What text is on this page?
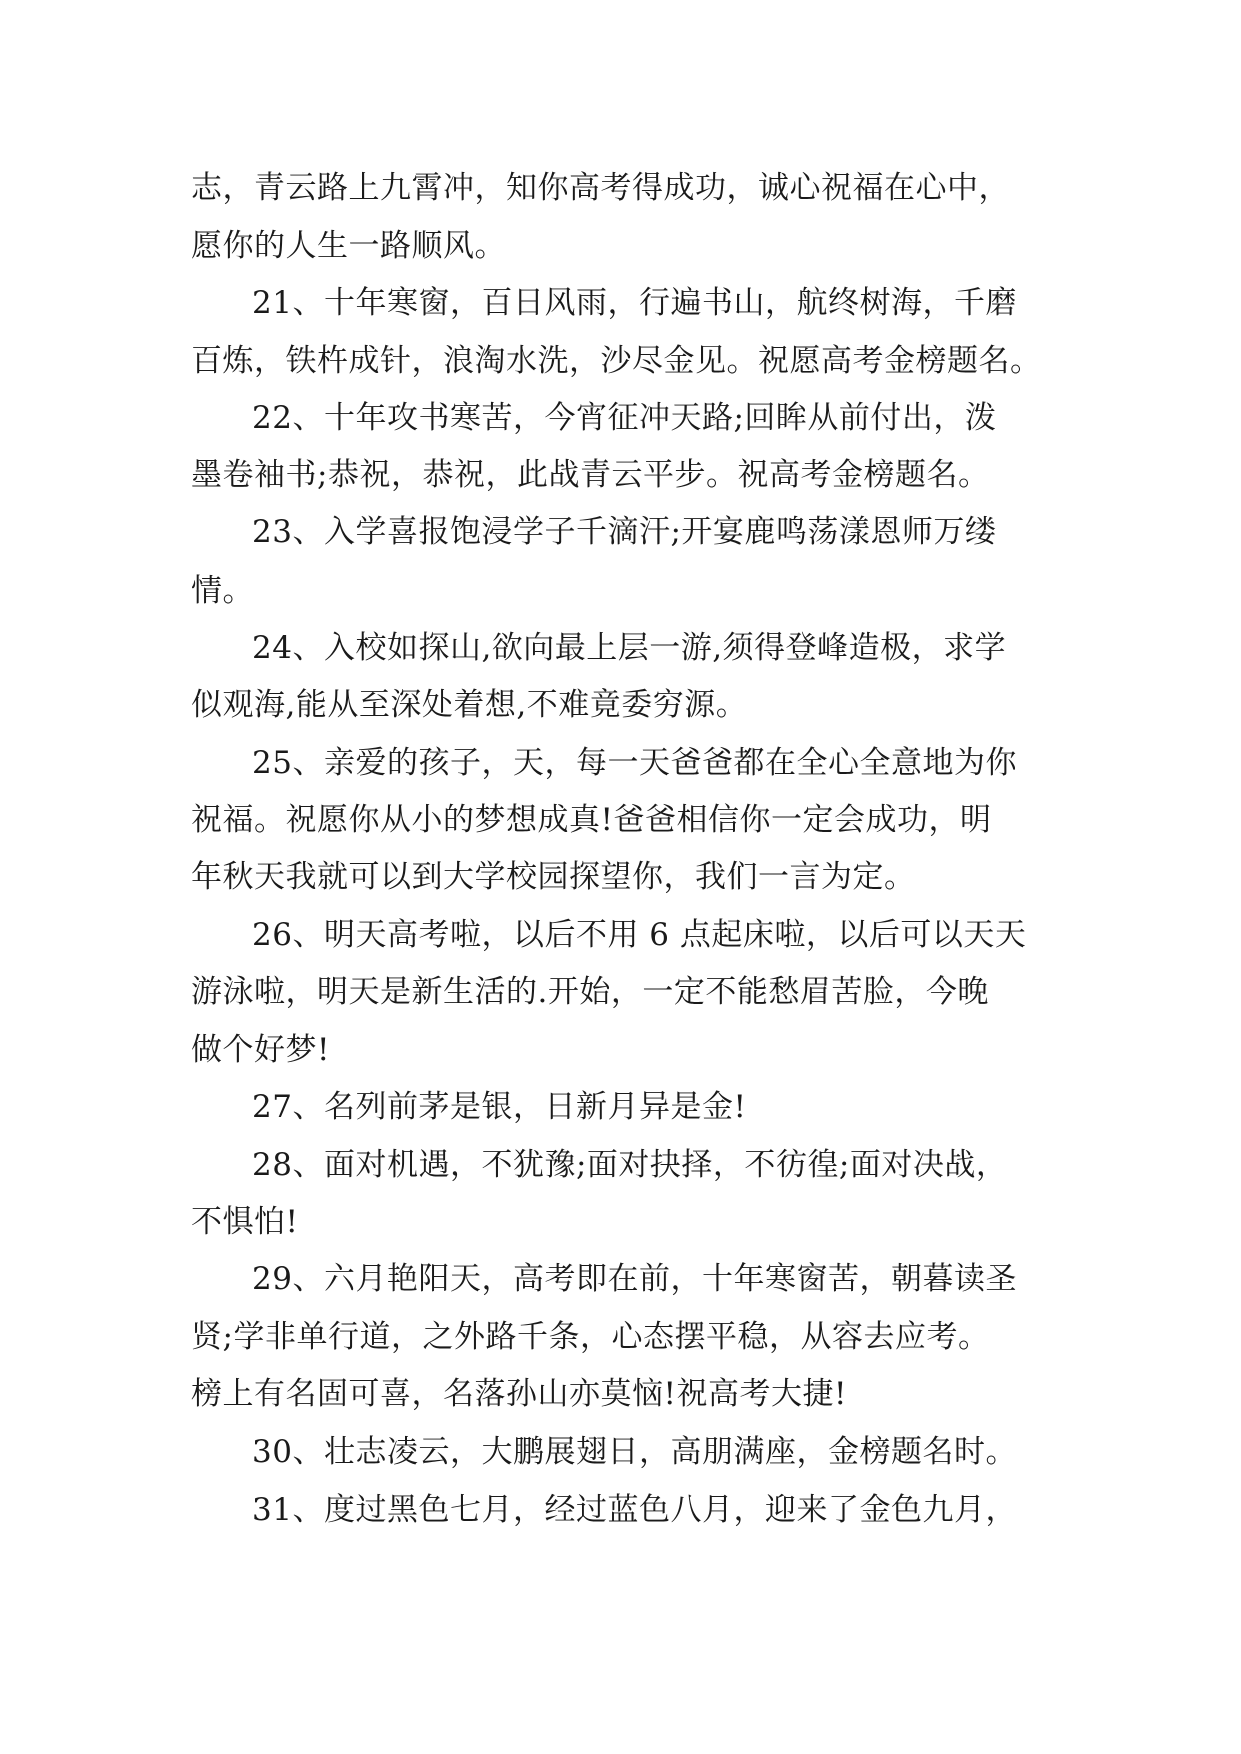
志，青云路上九霄冲，知你高考得成功，诚心祝福在心中，
愿你的人生一路顺风。
21、十年寒窗，百日风雨，行遍书山，航终树海，千磨
百炼，铁杵成针，浪淘水洗，沙尽金见。祝愿高考金榜题名。
22、十年攻书寒苦，今宵征冲天路;回眸从前付出，泼
墨卷袖书;恭祝，恭祝，此战青云平步。祝高考金榜题名。
23、入学喜报饱浸学子千滴汗;开宴鹿鸣荡漾恩师万缕
情。
24、入校如探山,欲向最上层一游,须得登峰造极，求学
似观海,能从至深处着想,不难竟委穷源。
25、亲爱的孩子，天，每一天爸爸都在全心全意地为你
祝福。祝愿你从小的梦想成真!爸爸相信你一定会成功，明
年秋天我就可以到大学校园探望你，我们一言为定。
26、明天高考啦，以后不用 6 点起床啦，以后可以天天
游泳啦，明天是新生活的.开始，一定不能愁眉苦脸，今晚
做个好梦!
27、名列前茅是银，日新月异是金!
28、面对机遇，不犹豫;面对抉择，不彷徨;面对决战，
不惧怕!
29、六月艳阳天，高考即在前，十年寒窗苦，朝暮读圣
贤;学非单行道，之外路千条，心态摆平稳，从容去应考。
榜上有名固可喜，名落孙山亦莫恼!祝高考大捷!
30、壮志凌云，大鹏展翅日，高朋满座，金榜题名时。
31、度过黑色七月，经过蓝色八月，迎来了金色九月，
